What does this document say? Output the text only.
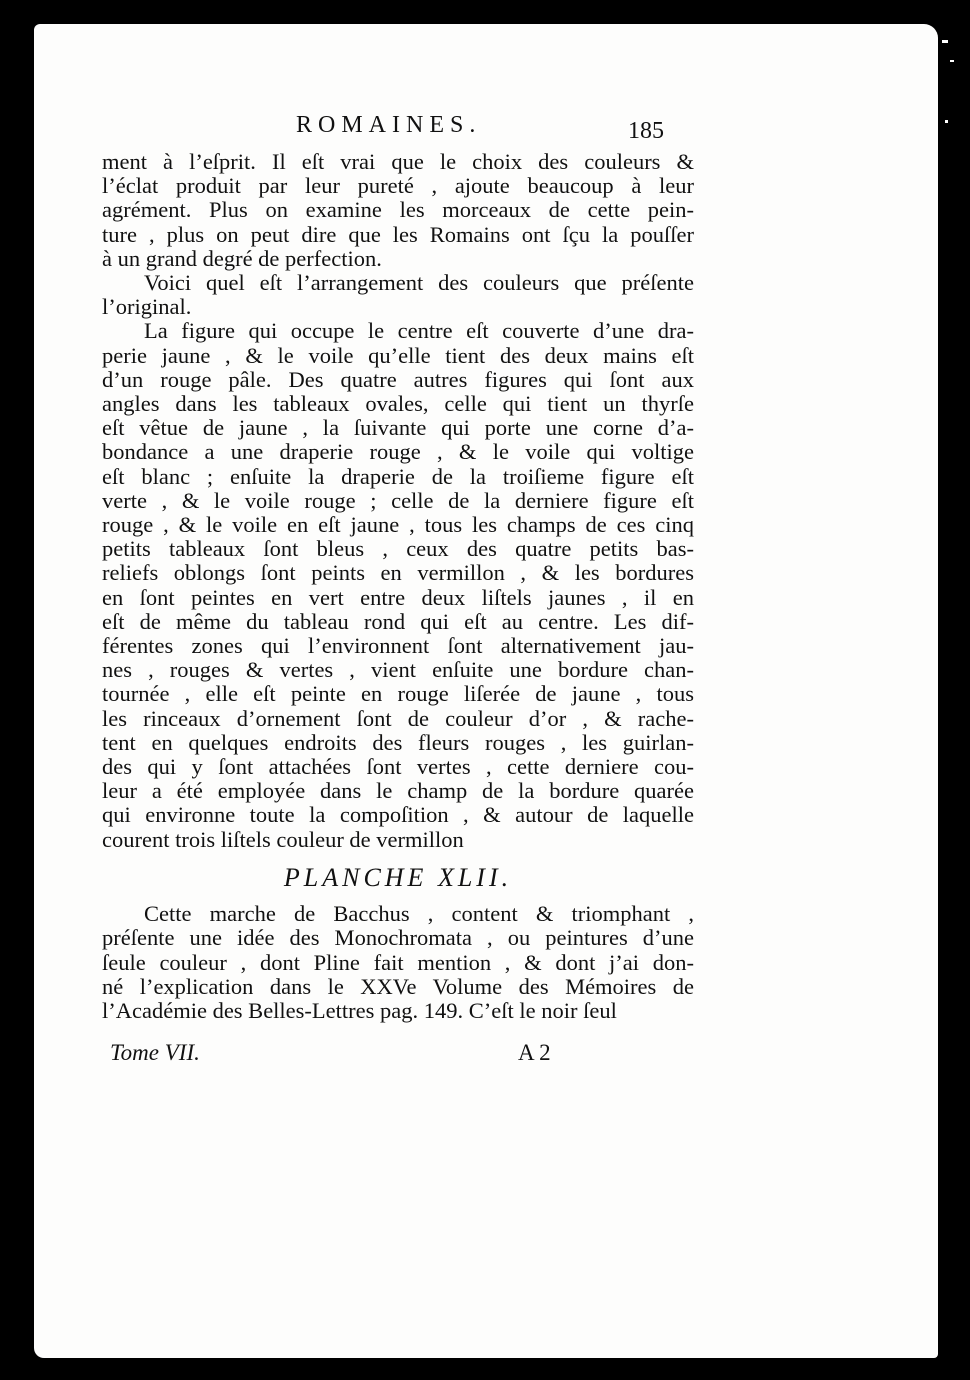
ROMAINES.	185
ment à l’eſprit. Il eſt vrai que le choix des couleurs &
l’éclat produit par leur pureté , ajoute beaucoup à leur
agrément. Plus on examine les morceaux de cette pein-
ture , plus on peut dire que les Romains ont ſçu la pouſſer
à un grand degré de perfection.
Voici quel eſt l’arrangement des couleurs que préſente
l’original.
La figure qui occupe le centre eſt couverte d’une dra-
perie jaune , & le voile qu’elle tient des deux mains eſt
d’un rouge pâle. Des quatre autres figures qui ſont aux
angles dans les tableaux ovales, celle qui tient un thyrſe
eſt vêtue de jaune , la ſuivante qui porte une corne d’a-
bondance a une draperie rouge , & le voile qui voltige
eſt blanc ; enſuite la draperie de la troiſieme figure eſt
verte , & le voile rouge ; celle de la derniere figure eſt
rouge , & le voile en eſt jaune , tous les champs de ces cinq
petits tableaux ſont bleus , ceux des quatre petits bas-
reliefs oblongs ſont peints en vermillon , & les bordures
en ſont peintes en vert entre deux liſtels jaunes , il en
eſt de même du tableau rond qui eſt au centre. Les dif-
férentes zones qui l’environnent ſont alternativement jau-
nes , rouges & vertes , vient enſuite une bordure chan-
tournée , elle eſt peinte en rouge liſerée de jaune , tous
les rinceaux d’ornement ſont de couleur d’or , & rache-
tent en quelques endroits des fleurs rouges , les guirlan-
des qui y ſont attachées ſont vertes , cette derniere cou-
leur a été employée dans le champ de la bordure quarée
qui environne toute la compoſition , & autour de laquelle
courent trois liſtels couleur de vermillon
PLANCHE XLII.
Cette marche de Bacchus , content & triomphant ,
préſente une idée des Monochromata , ou peintures d’une
ſeule couleur , dont Pline fait mention , & dont j’ai don-
né l’explication dans le XXVe Volume des Mémoires de
l’Académie des Belles-Lettres pag. 149. C’eſt le noir ſeul
Tome VII.	A 2
